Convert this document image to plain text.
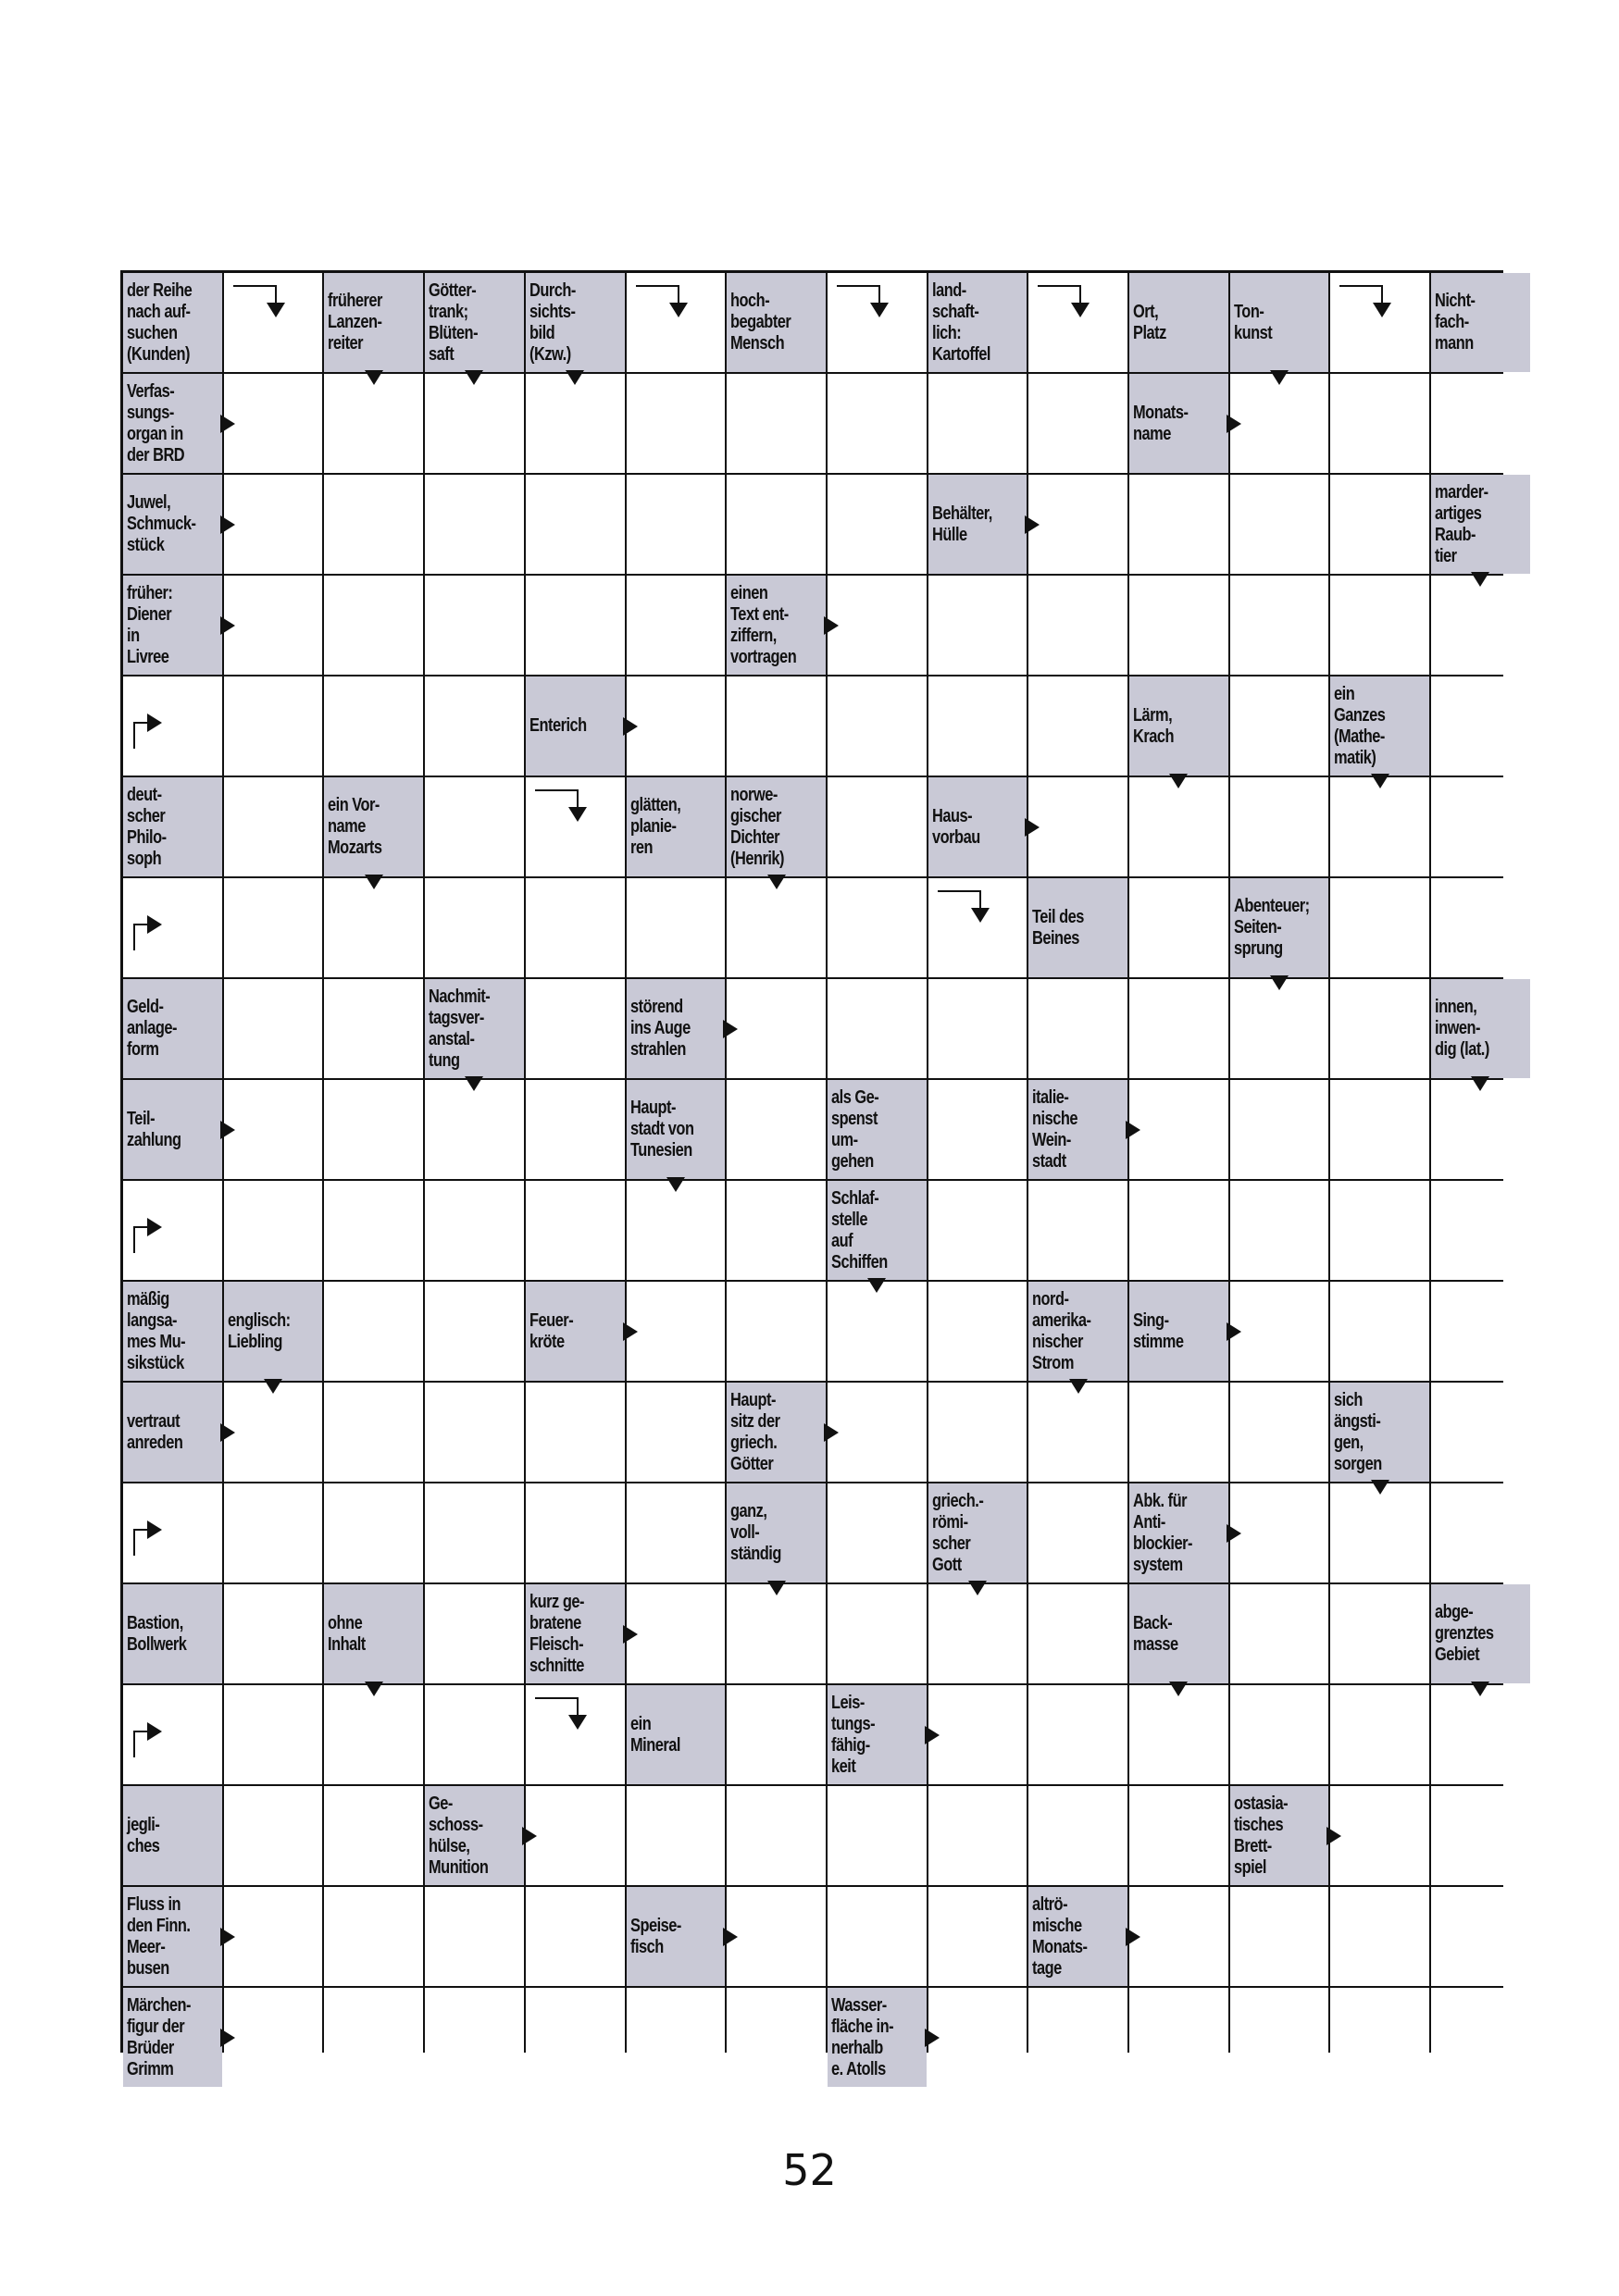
der Reihe
nach auf-
suchen
(Kunden)
früherer
Lanzen-
reiter
Götter-
trank;
Blüten-
saft
Durch-
sichts-
bild
(Kzw.)
hoch-
begabter
Mensch
land-
schaft-
lich:
Kartoffel
Ort,
Platz
Ton-
kunst
Nicht-
fach-
mann
Verfas-
sungs-
organ in
der BRD
Monats-
name
Juwel,
Schmuck-
stück
Behälter,
Hülle
marder-
artiges
Raub-
tier
früher:
Diener
in
Livree
einen
Text ent-
ziffern,
vortragen
Enterich
Lärm,
Krach
ein
Ganzes
(Mathe-
matik)
deut-
scher
Philo-
soph
ein Vor-
name
Mozarts
glätten,
planie-
ren
norwe-
gischer
Dichter
(Henrik)
Haus-
vorbau
Teil des
Beines
Abenteuer;
Seiten-
sprung
Geld-
anlage-
form
Nachmit-
tagsver-
anstal-
tung
störend
ins Auge
strahlen
innen,
inwen-
dig (lat.)
Teil-
zahlung
Haupt-
stadt von
Tunesien
als Ge-
spenst
um-
gehen
italie-
nische
Wein-
stadt
Schlaf-
stelle
auf
Schiffen
mäßig
langsa-
mes Mu-
sikstück
englisch:
Liebling
Feuer-
kröte
nord-
amerika-
nischer
Strom
Sing-
stimme
vertraut
anreden
Haupt-
sitz der
griech.
Götter
sich
ängsti-
gen,
sorgen
ganz,
voll-
ständig
griech.-
römi-
scher
Gott
Abk. für
Anti-
blockier-
system
Bastion,
Bollwerk
ohne
Inhalt
kurz ge-
bratene
Fleisch-
schnitte
Back-
masse
abge-
grenztes
Gebiet
ein
Mineral
Leis-
tungs-
fähig-
keit
jegli-
ches
Ge-
schoss-
hülse,
Munition
ostasia-
tisches
Brett-
spiel
Fluss in
den Finn.
Meer-
busen
Speise-
fisch
altrö-
mische
Monats-
tage
Märchen-
figur der
Brüder
Grimm
Wasser-
fläche in-
nerhalb
e. Atolls
52
